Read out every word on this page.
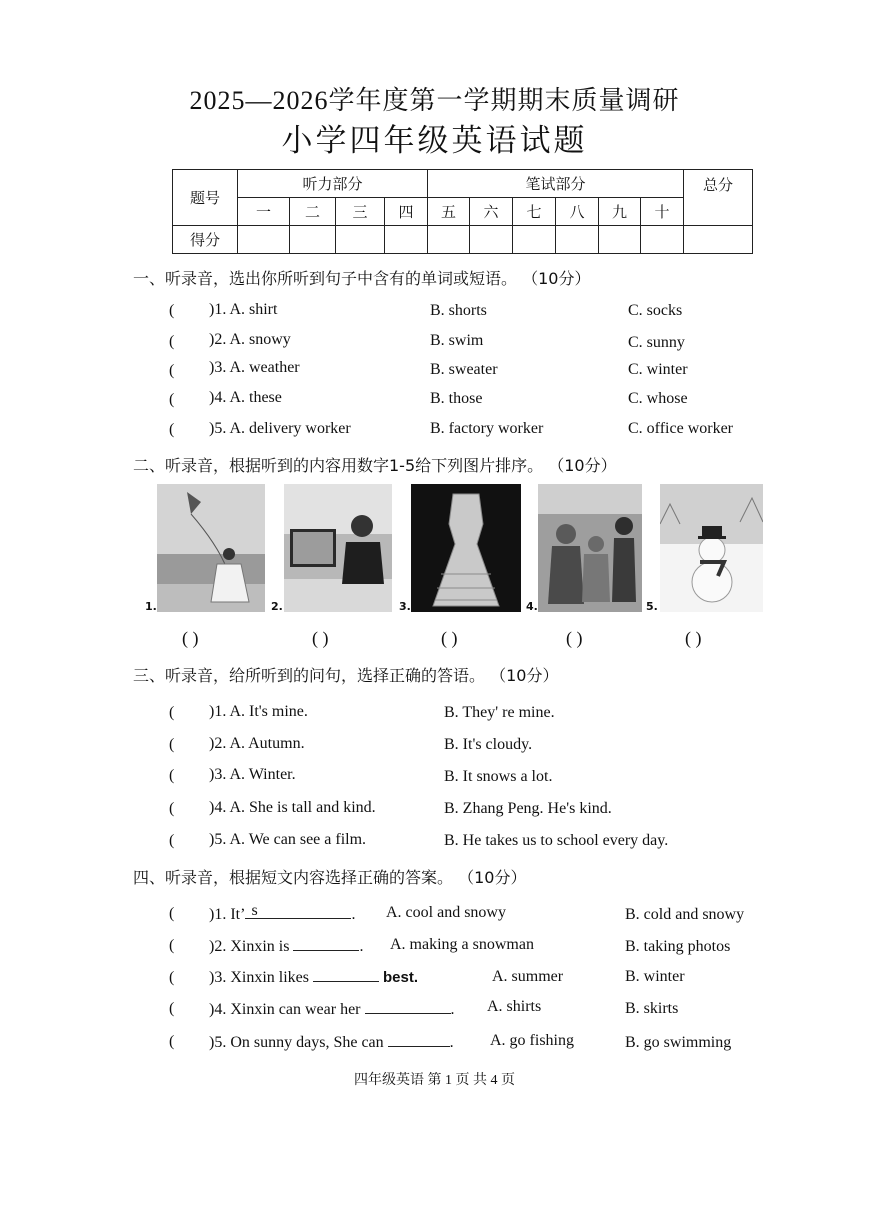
2025—2026学年度第一学期期末质量调研
小学四年级英语试题
题号	听力部分				笔试部分						总分
	一	二	三	四	五	六	七	八	九	十	
得分											
一、听录音，选出你所听到句子中含有的单词或短语。 （10分）
( )1. A. shirt	B. shorts	C. socks
( )2. A. snowy	B. swim	C. sunny
( )3. A. weather	B. sweater	C. winter
( )4. A. these	B. those	C. whose
( )5. A. delivery worker	B. factory worker	C. office worker
二、听录音，根据听到的内容用数字1-5给下列图片排序。 （10分）
1.	2.	3.	4.	5.
( )	( )	( )	( )	( )
三、听录音，给所听到的问句，选择正确的答语。 （10分）
( )1. A. It's mine.	B. They' re mine.
( )2. A. Autumn.	B. It's cloudy.
( )3. A. Winter.	B. It snows a lot.
( )4. A. She is tall and kind.	B. Zhang Peng. He's kind.
( )5. A. We can see a film.	B. He takes us to school every day.
四、听录音，根据短文内容选择正确的答案。 （10分）
( )1. It’ s	. A. cool and snowy	B. cold and snowy
( )2. Xinxin is	. A. making a snowman	B. taking photos
( )3. Xinxin likes	best.	A. summer	B. winter
( )4. Xinxin can wear her	. A. shirts	B. skirts
( )5. On sunny days, She can	. A. go fishing	B. go swimming
四年级英语 第 1 页 共 4 页
